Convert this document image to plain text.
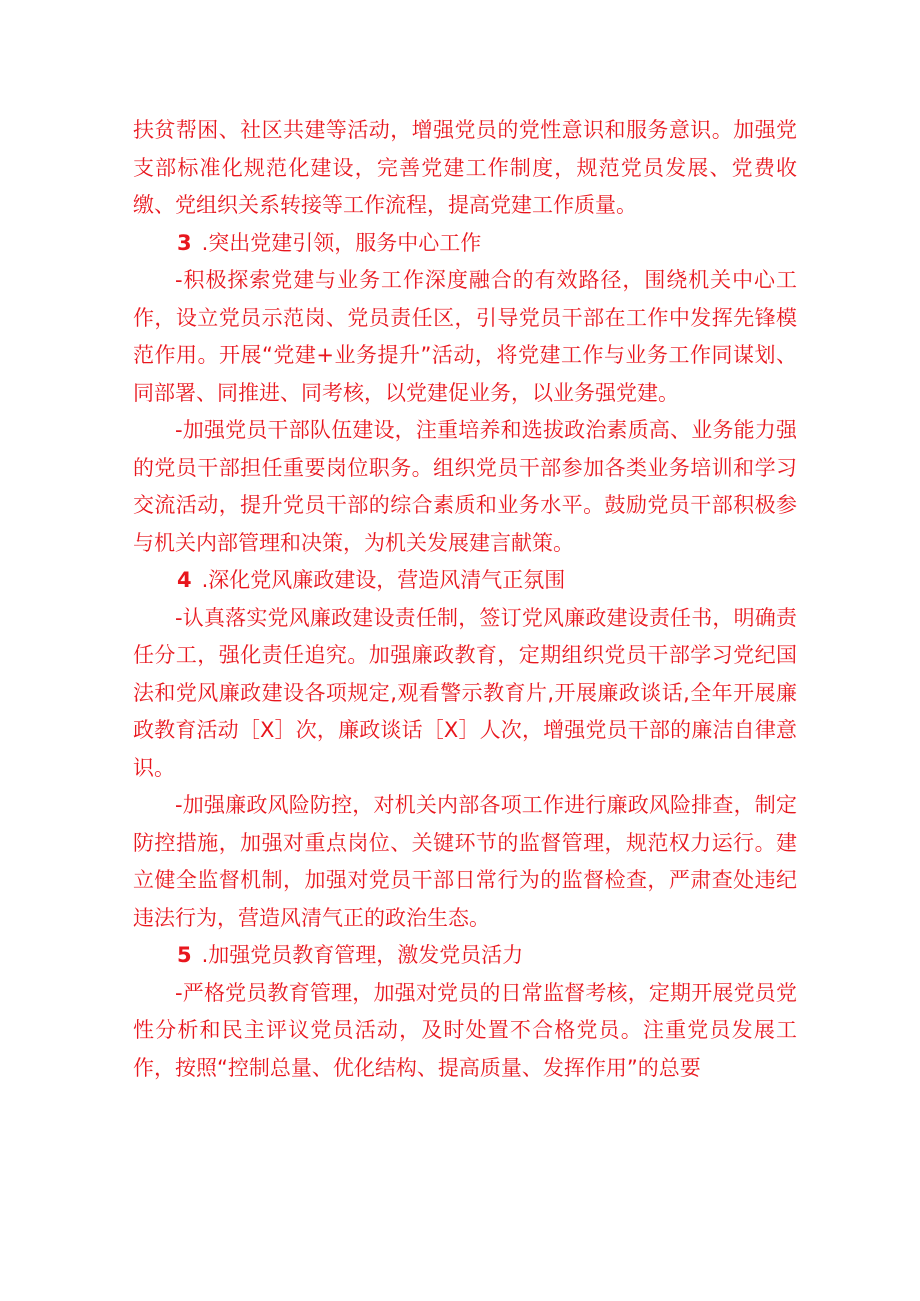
扶贫帮困、社区共建等活动，增强党员的党性意识和服务意识。加强党支部标准化规范化建设，完善党建工作制度，规范党员发展、党费收缴、党组织关系转接等工作流程，提高党建工作质量。

3 .突出党建引领，服务中心工作

-积极探索党建与业务工作深度融合的有效路径，围绕机关中心工作，设立党员示范岗、党员责任区，引导党员干部在工作中发挥先锋模范作用。开展“党建+业务提升”活动，将党建工作与业务工作同谋划、同部署、同推进、同考核，以党建促业务，以业务强党建。

-加强党员干部队伍建设，注重培养和选拔政治素质高、业务能力强的党员干部担任重要岗位职务。组织党员干部参加各类业务培训和学习交流活动，提升党员干部的综合素质和业务水平。鼓励党员干部积极参与机关内部管理和决策，为机关发展建言献策。

4 .深化党风廉政建设，营造风清气正氛围

-认真落实党风廉政建设责任制，签订党风廉政建设责任书，明确责任分工，强化责任追究。加强廉政教育，定期组织党员干部学习党纪国法和党风廉政建设各项规定,观看警示教育片,开展廉政谈话,全年开展廉政教育活动［X］次，廉政谈话［X］人次，增强党员干部的廉洁自律意识。

-加强廉政风险防控，对机关内部各项工作进行廉政风险排查，制定防控措施，加强对重点岗位、关键环节的监督管理，规范权力运行。建立健全监督机制，加强对党员干部日常行为的监督检查，严肃查处违纪违法行为，营造风清气正的政治生态。

5 .加强党员教育管理，激发党员活力

-严格党员教育管理，加强对党员的日常监督考核，定期开展党员党性分析和民主评议党员活动，及时处置不合格党员。注重党员发展工作，按照“控制总量、优化结构、提高质量、发挥作用”的总要
